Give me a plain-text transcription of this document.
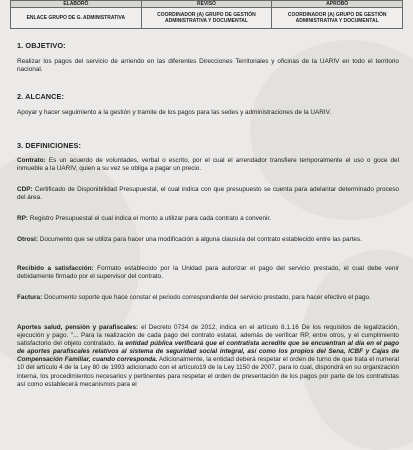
ELABORÓ	REVISÓ	APROBÓ
ENLACE GRUPO DE G. ADMINISTRATIVA	COORDINADOR (A) GRUPO DE GESTIÓN ADMINISTRATIVA Y DOCUMENTAL	COORDINADOR (A) GRUPO DE GESTIÓN ADMINISTRATIVA Y DOCUMENTAL
1. OBJETIVO:

Realizar los pagos del servicio de arriendo en las diferentes Direcciones Territoriales y oficinas de la UARIV en todo el territorio nacional.

2. ALCANCE:

Apoyar y hacer seguimiento a la gestión y tramite de los pagos para las sedes y administraciones de la UARIV.

3. DEFINICIONES:

Contrato: Es un acuerdo de voluntades, verbal o escrito, por el cual el arrendador transfiere temporalmente el uso o goce del inmueble a la UARIV, quien a su vez se obliga a pagar un precio.

CDP: Certificado de Disponibilidad Presupuestal, el cual indica con que presupuesto se cuenta para adelantar determinado proceso del área.

RP: Registro Presupuestal el cual indica el monto a utilizar para cada contrato a convenir.

Otrosí: Documento que se utiliza para hacer una modificación a alguna clausula del contrato establecido entre las partes.

Recibido a satisfacción: Formato establecido por la Unidad para autorizar el pago del servicio prestado, el cual debe venir debidamente firmado por el supervisor del contrato.

Factura: Documento soporte que hace constar el periodo correspondiente del servicio prestado, para hacer efectivo el pago.

Aportes salud, pensión y parafiscales: el Decreto 0734 de 2012, indica en el artículo 8.1.16 De los requisitos de legalización, ejecución y pago. "... Para la realización de cada pago del contrato estatal, además de verificar RP, entre otros, y el cumplimiento satisfactorio del objeto contratado, la entidad pública verificará que el contratista acredite que se encuentran al día en el pago de aportes parafiscales relativos al sistema de seguridad social integral, así como los propios del Sena, ICBF y Cajas de Compensación Familiar, cuando corresponda. Adicionalmente, la entidad deberá respetar el orden de turno de que trata el numeral 10 del artículo 4 de la Ley 80 de 1993 adicionado con el artículo19 de la Ley 1150 de 2007, para lo cual, dispondrá en su organización interna, los procedimientos necesarios y pertinentes para respetar el orden de presentación de los pagos por parte de los contratistas así como establecerá mecanismos para el
